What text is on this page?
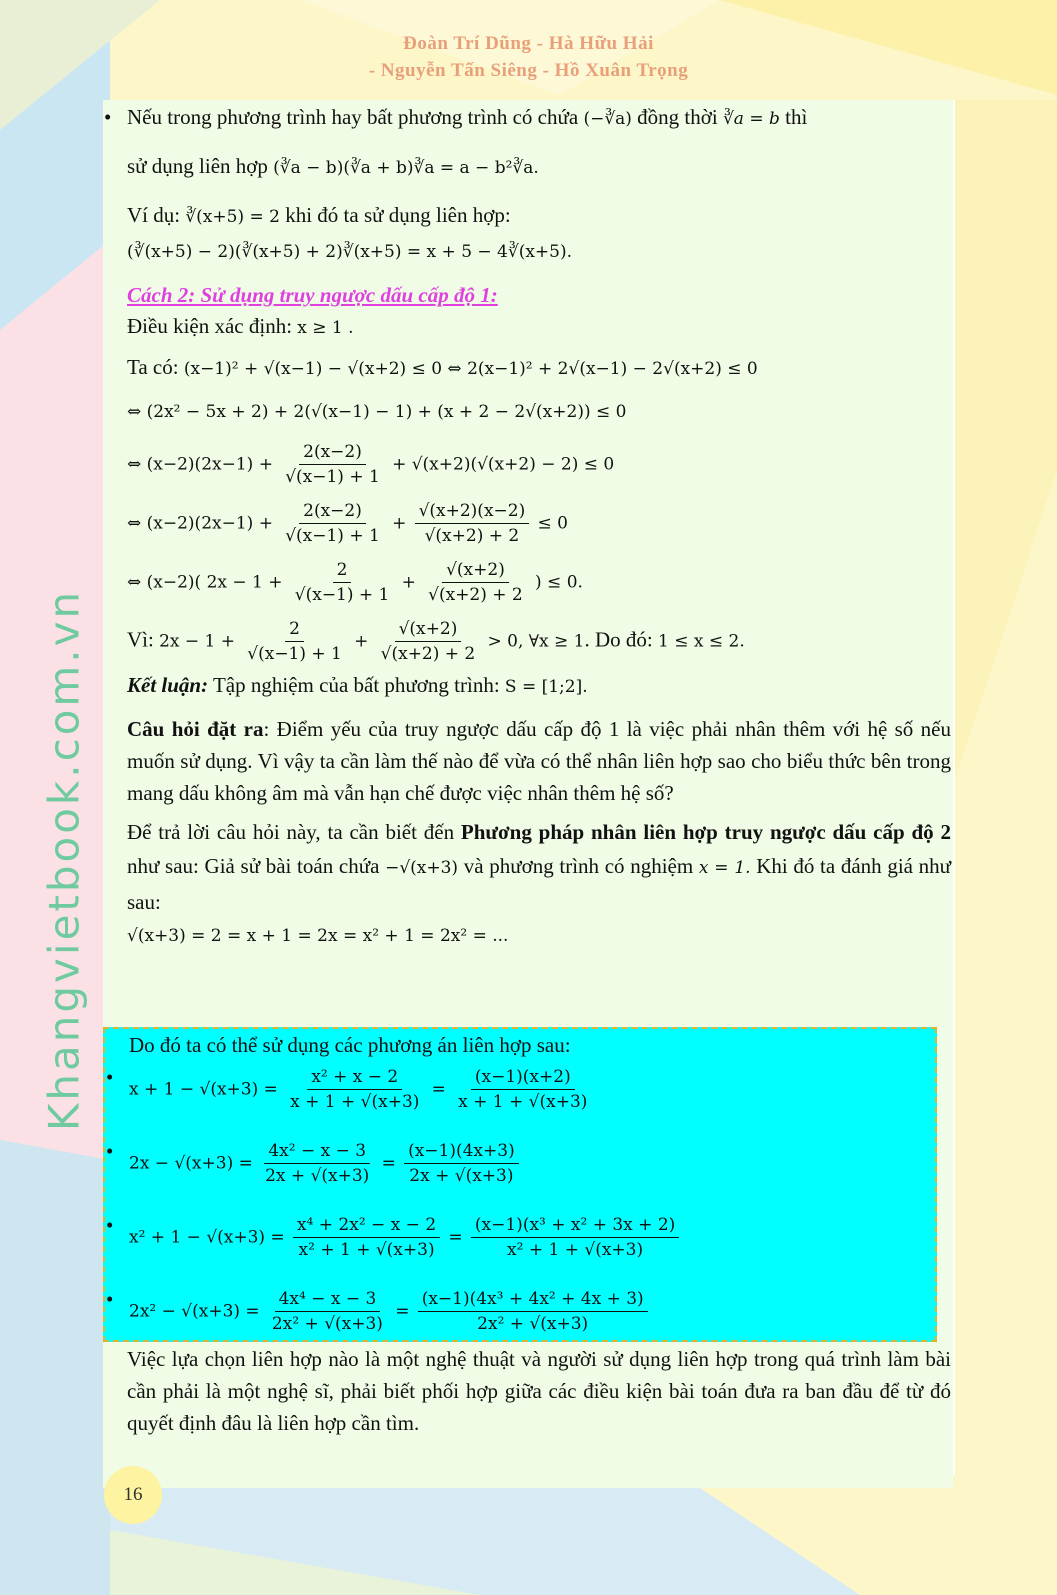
Đoàn Trí Dũng - Hà Hữu Hải
- Nguyễn Tấn Siêng - Hồ Xuân Trọng
Khangvietbook.com.vn
• Nếu trong phương trình hay bất phương trình có chứa (−∛a) đồng thời ∛a = b thì
sử dụng liên hợp (∛a − b)(∛a + b)∛a = a − b²∛a.
Ví dụ: ∛(x+5) = 2 khi đó ta sử dụng liên hợp:
(∛(x+5) − 2)(∛(x+5) + 2)∛(x+5) = x + 5 − 4∛(x+5).
Cách 2: Sử dụng truy ngược dấu cấp độ 1:
Điều kiện xác định: x ≥ 1 .
Ta có: (x−1)² + √(x−1) − √(x+2) ≤ 0 ⇔ 2(x−1)² + 2√(x−1) − 2√(x+2) ≤ 0
⇔ (2x² − 5x + 2) + 2(√(x−1) − 1) + (x + 2 − 2√(x+2)) ≤ 0
⇔ $(x-2)(2x-1) + \frac{2(x-2)}{√(x-1) + 1} + √(x+2)(√(x+2) - 2) \le 0$
⇔ $(x-2)(2x-1) + \frac{2(x-2)}{√(x-1) + 1} + \frac{√(x+2)(x-2)}{√(x+2) + 2} \le 0$
⇔ (x−2)( $2x - 1 + \frac{2}{√(x-1) + 1} + \frac{√(x+2)}{√(x+2) + 2}$ ) ≤ 0.
Vì: $2x - 1 + \frac{2}{√(x-1) + 1} + \frac{√(x+2)}{√(x+2) + 2} > 0$, ∀x ≥ 1. Do đó: 1 ≤ x ≤ 2.
Kết luận: Tập nghiệm của bất phương trình: S = [1;2].
Câu hỏi đặt ra: Điểm yếu của truy ngược dấu cấp độ 1 là việc phải nhân thêm với hệ số nếu muốn sử dụng. Vì vậy ta cần làm thế nào để vừa có thể nhân liên hợp sao cho biểu thức bên trong mang dấu không âm mà vẫn hạn chế được việc nhân thêm hệ số?
Để trả lời câu hỏi này, ta cần biết đến Phương pháp nhân liên hợp truy ngược dấu cấp độ 2 như sau: Giả sử bài toán chứa −√(x+3) và phương trình có nghiệm x = 1. Khi đó ta đánh giá như sau:
√(x+3) = 2 = x + 1 = 2x = x² + 1 = 2x² = ...
Do đó ta có thể sử dụng các phương án liên hợp sau:
• $x + 1 - √(x+3) = \frac{\text{x² + x − 2}}{x + 1 + √(x+3)} = \frac{(x-1)(x+2)}{x + 1 + √(x+3)}$
• $2x - √(x+3) = \frac{\text{4x² − x − 3}}{2x + √(x+3)} = \frac{(x-1)(4x+3)}{2x + √(x+3)}$
• $x^2 + 1 - √(x+3) = \frac{\text{x⁴ + 2x² − x − 2}}{\text{x² + 1 + √(x+3)}} = \frac{\text{(x−1)(x³ + x² + 3x + 2)}}{\text{x² + 1 + √(x+3)}}$
• $2x^2 - √(x+3) = \frac{\text{4x⁴ − x − 3}}{\text{2x² + √(x+3)}} = \frac{\text{(x−1)(4x³ + 4x² + 4x + 3)}}{\text{2x² + √(x+3)}}$
Việc lựa chọn liên hợp nào là một nghệ thuật và người sử dụng liên hợp trong quá trình làm bài cần phải là một nghệ sĩ, phải biết phối hợp giữa các điều kiện bài toán đưa ra ban đầu để từ đó quyết định đâu là liên hợp cần tìm.
16
